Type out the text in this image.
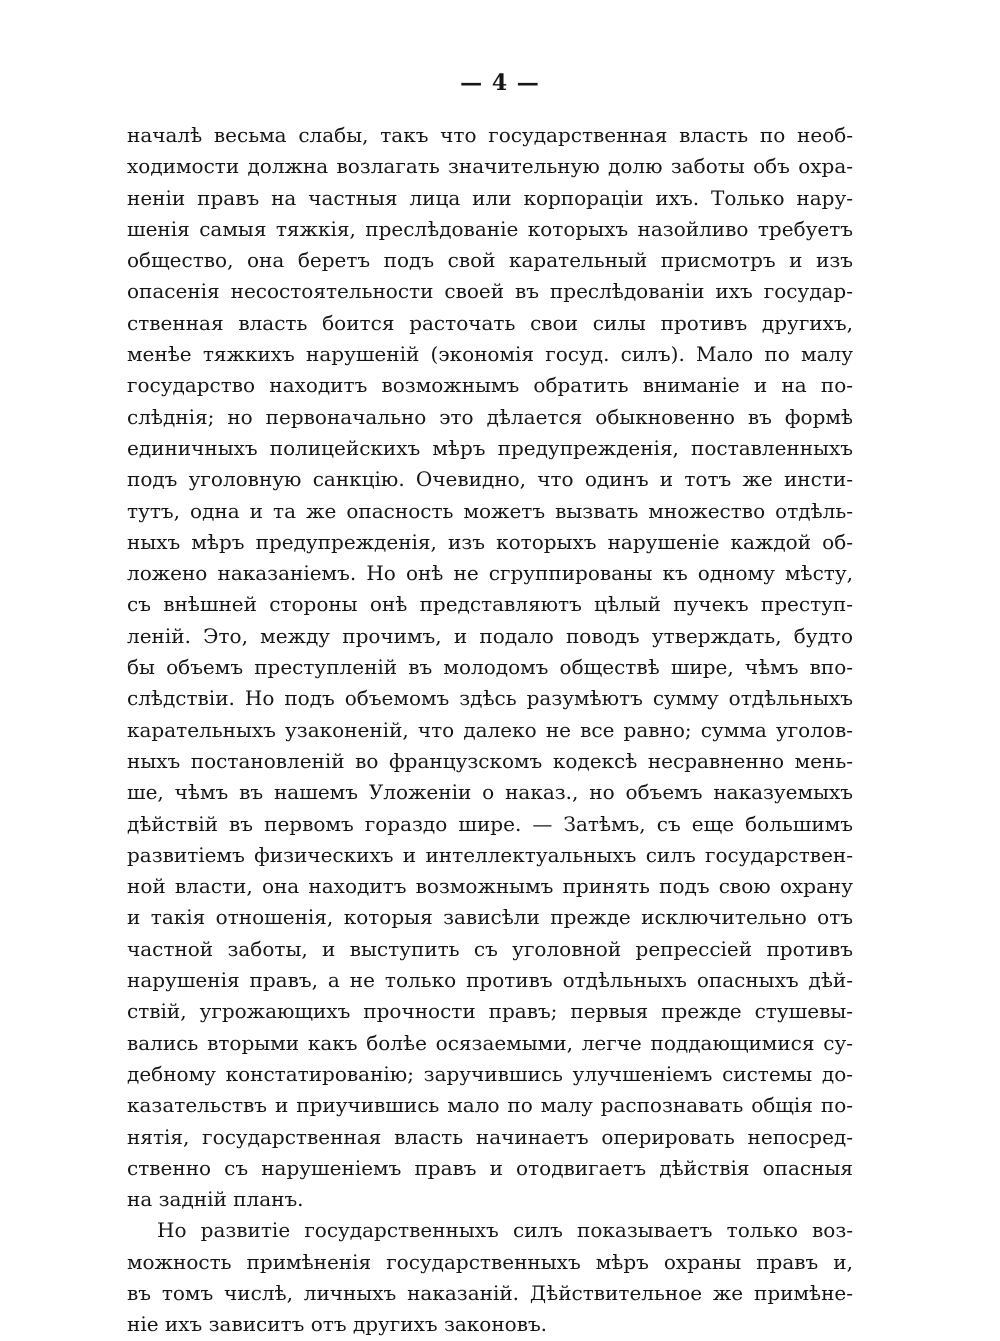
— 4 —
началѣ весьма слабы, такъ что государственная власть по необ-
ходимости должна возлагать значительную долю заботы объ охра-
неніи правъ на частныя лица или корпораціи ихъ. Только нару-
шенія самыя тяжкія, преслѣдованіе которыхъ назойливо требуетъ
общество, она беретъ подъ свой карательный присмотръ и изъ
опасенія несостоятельности своей въ преслѣдованіи ихъ государ-
ственная власть боится расточать свои силы противъ другихъ,
менѣе тяжкихъ нарушеній (экономія госуд. силъ). Мало по малу
государство находитъ возможнымъ обратить вниманіе и на по-
слѣднія; но первоначально это дѣлается обыкновенно въ формѣ
единичныхъ полицейскихъ мѣръ предупрежденія, поставленныхъ
подъ уголовную санкцію. Очевидно, что одинъ и тотъ же инсти-
тутъ, одна и та же опасность можетъ вызвать множество отдѣль-
ныхъ мѣръ предупрежденія, изъ которыхъ нарушеніе каждой об-
ложено наказаніемъ. Но онѣ не сгруппированы къ одному мѣсту,
съ внѣшней стороны онѣ представляютъ цѣлый пучекъ преступ-
леній. Это, между прочимъ, и подало поводъ утверждать, будто
бы объемъ преступленій въ молодомъ обществѣ шире, чѣмъ впо-
слѣдствіи. Но подъ объемомъ здѣсь разумѣютъ сумму отдѣльныхъ
карательныхъ узаконеній, что далеко не все равно; сумма уголов-
ныхъ постановленій во французскомъ кодексѣ несравненно мень-
ше, чѣмъ въ нашемъ Уложеніи о наказ., но объемъ наказуемыхъ
дѣйствій въ первомъ гораздо шире. — Затѣмъ, съ еще большимъ
развитіемъ физическихъ и интеллектуальныхъ силъ государствен-
ной власти, она находитъ возможнымъ принять подъ свою охрану
и такія отношенія, которыя зависѣли прежде исключительно отъ
частной заботы, и выступить съ уголовной репрессіей противъ
нарушенія правъ, а не только противъ отдѣльныхъ опасныхъ дѣй-
ствій, угрожающихъ прочности правъ; первыя прежде стушевы-
вались вторыми какъ болѣе осязаемыми, легче поддающимися су-
дебному констатированію; заручившись улучшеніемъ системы до-
казательствъ и приучившись мало по малу распознавать общія по-
нятія, государственная власть начинаетъ оперировать непосред-
ственно съ нарушеніемъ правъ и отодвигаетъ дѣйствія опасныя
на задній планъ.
Но развитіе государственныхъ силъ показываетъ только воз-
можность примѣненія государственныхъ мѣръ охраны правъ и,
въ томъ числѣ, личныхъ наказаній. Дѣйствительное же примѣне-
ніе ихъ зависитъ отъ другихъ законовъ.
